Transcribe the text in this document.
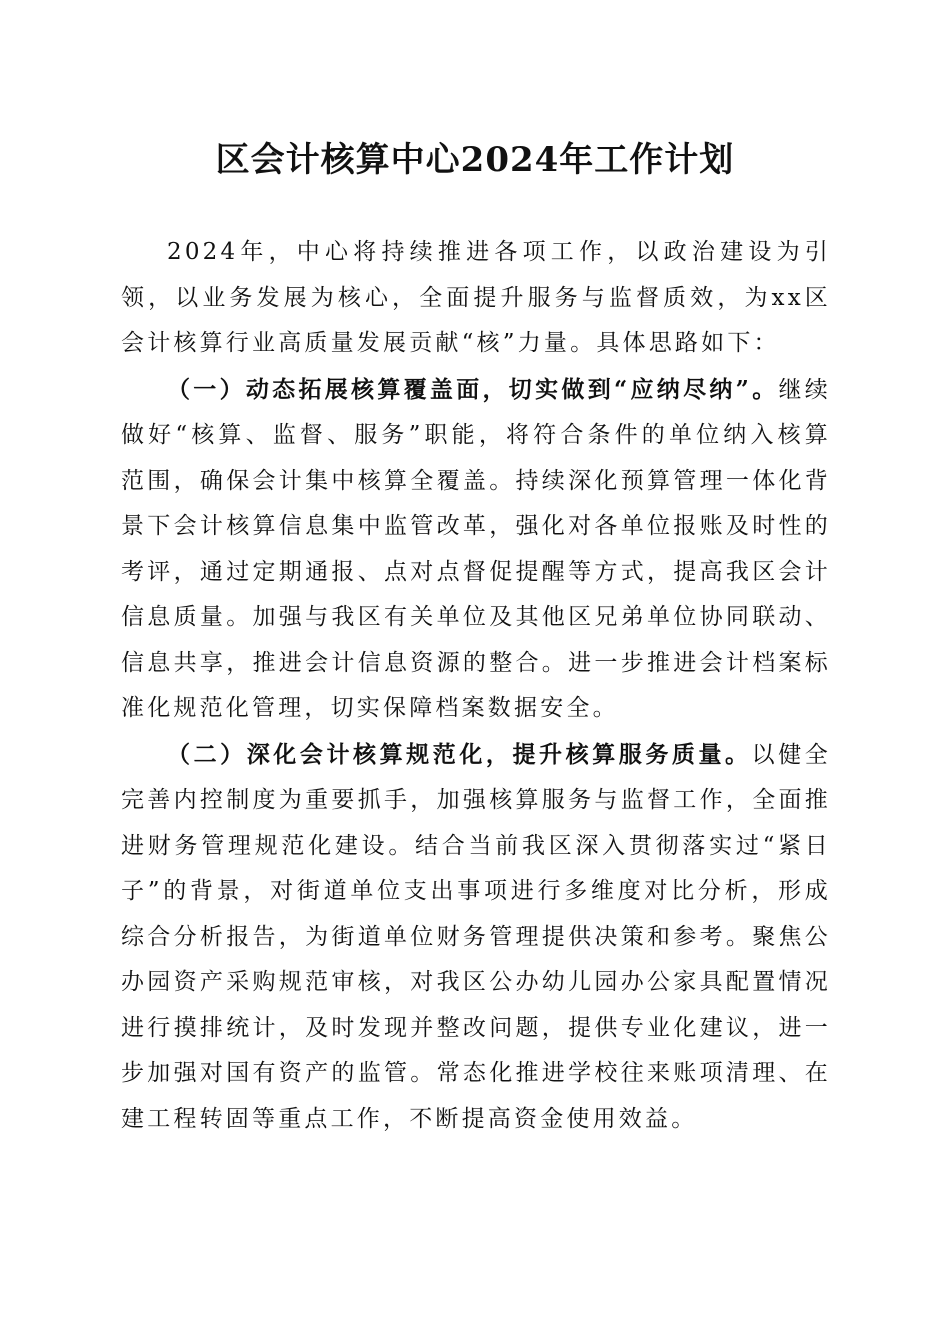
区会计核算中心2024年工作计划

2024年，中心将持续推进各项工作，以政治建设为引领，以业务发展为核心，全面提升服务与监督质效，为xx区会计核算行业高质量发展贡献“核”力量。具体思路如下：

（一）动态拓展核算覆盖面，切实做到“应纳尽纳”。继续做好“核算、监督、服务”职能，将符合条件的单位纳入核算范围，确保会计集中核算全覆盖。持续深化预算管理一体化背景下会计核算信息集中监管改革，强化对各单位报账及时性的考评，通过定期通报、点对点督促提醒等方式，提高我区会计信息质量。加强与我区有关单位及其他区兄弟单位协同联动、信息共享，推进会计信息资源的整合。进一步推进会计档案标准化规范化管理，切实保障档案数据安全。

（二）深化会计核算规范化，提升核算服务质量。以健全完善内控制度为重要抓手，加强核算服务与监督工作，全面推进财务管理规范化建设。结合当前我区深入贯彻落实过“紧日子”的背景，对街道单位支出事项进行多维度对比分析，形成综合分析报告，为街道单位财务管理提供决策和参考。聚焦公办园资产采购规范审核，对我区公办幼儿园办公家具配置情况进行摸排统计，及时发现并整改问题，提供专业化建议，进一步加强对国有资产的监管。常态化推进学校往来账项清理、在建工程转固等重点工作，不断提高资金使用效益。
